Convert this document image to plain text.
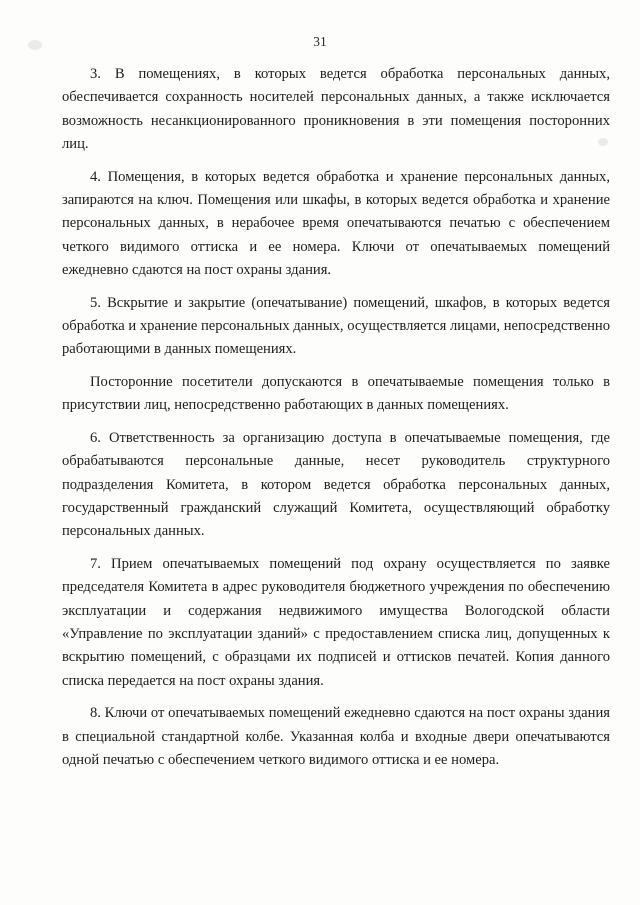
31

3. В помещениях, в которых ведется обработка персональных данных, обеспечивается сохранность носителей персональных данных, а также исключается возможность несанкционированного проникновения в эти помещения посторонних лиц.

4. Помещения, в которых ведется обработка и хранение персональных данных, запираются на ключ. Помещения или шкафы, в которых ведется обработка и хранение персональных данных, в нерабочее время опечатываются печатью с обеспечением четкого видимого оттиска и ее номера. Ключи от опечатываемых помещений ежедневно сдаются на пост охраны здания.

5. Вскрытие и закрытие (опечатывание) помещений, шкафов, в которых ведется обработка и хранение персональных данных, осуществляется лицами, непосредственно работающими в данных помещениях.

Посторонние посетители допускаются в опечатываемые помещения только в присутствии лиц, непосредственно работающих в данных помещениях.

6. Ответственность за организацию доступа в опечатываемые помещения, где обрабатываются персональные данные, несет руководитель структурного подразделения Комитета, в котором ведется обработка персональных данных, государственный гражданский служащий Комитета, осуществляющий обработку персональных данных.

7. Прием опечатываемых помещений под охрану осуществляется по заявке председателя Комитета в адрес руководителя бюджетного учреждения по обеспечению эксплуатации и содержания недвижимого имущества Вологодской области «Управление по эксплуатации зданий» с предоставлением списка лиц, допущенных к вскрытию помещений, с образцами их подписей и оттисков печатей. Копия данного списка передается на пост охраны здания.

8. Ключи от опечатываемых помещений ежедневно сдаются на пост охраны здания в специальной стандартной колбе. Указанная колба и входные двери опечатываются одной печатью с обеспечением четкого видимого оттиска и ее номера.
